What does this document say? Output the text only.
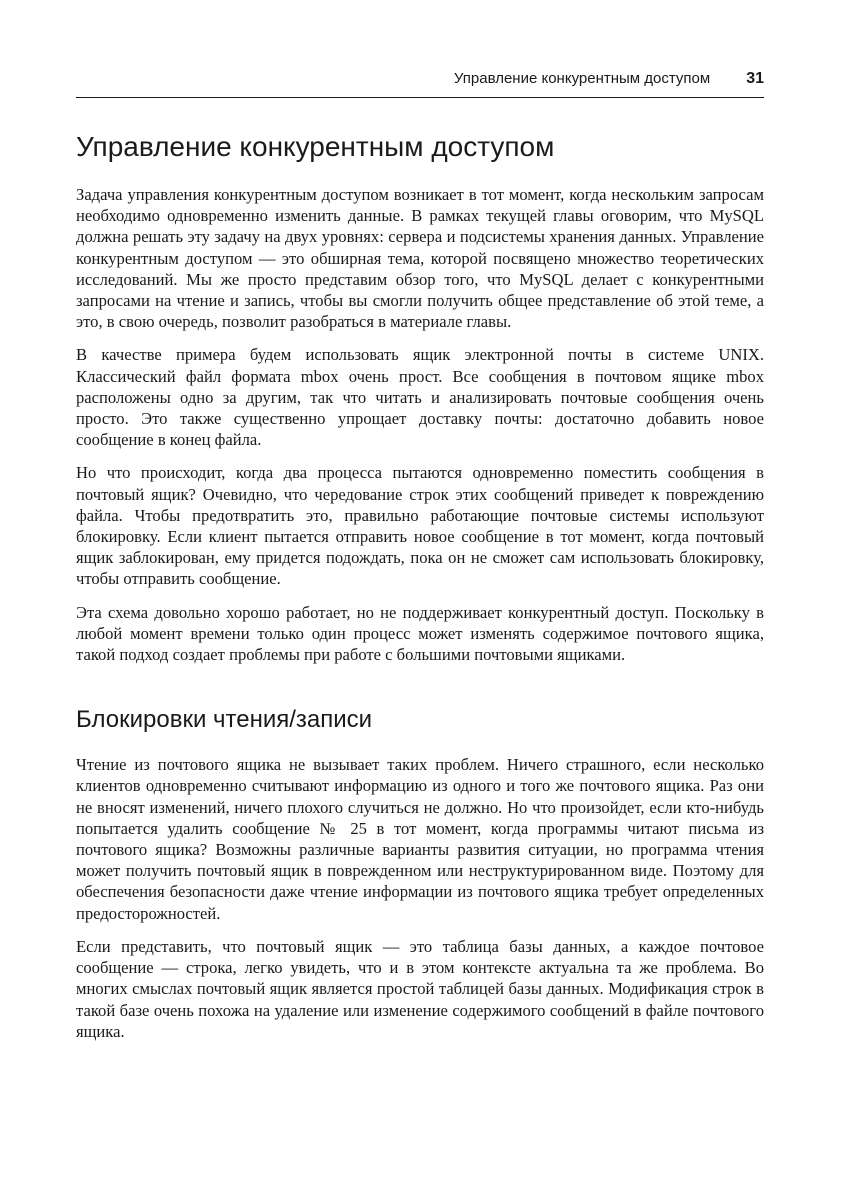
Управление конкурентным доступом 31
Управление конкурентным доступом

Задача управления конкурентным доступом возникает в тот момент, когда нескольким запросам необходимо одновременно изменить данные. В рамках текущей главы оговорим, что MySQL должна решать эту задачу на двух уровнях: сервера и подсистемы хранения данных. Управление конкурентным доступом — это обширная тема, которой посвящено множество теоретических исследований. Мы же просто представим обзор того, что MySQL делает с конкурентными запросами на чтение и запись, чтобы вы смогли получить общее представление об этой теме, а это, в свою очередь, позволит разобраться в материале главы.

В качестве примера будем использовать ящик электронной почты в системе UNIX. Классический файл формата mbox очень прост. Все сообщения в почтовом ящике mbox расположены одно за другим, так что читать и анализировать почтовые сообщения очень просто. Это также существенно упрощает доставку почты: достаточно добавить новое сообщение в конец файла.

Но что происходит, когда два процесса пытаются одновременно поместить сообщения в почтовый ящик? Очевидно, что чередование строк этих сообщений приведет к повреждению файла. Чтобы предотвратить это, правильно работающие почтовые системы используют блокировку. Если клиент пытается отправить новое сообщение в тот момент, когда почтовый ящик заблокирован, ему придется подождать, пока он не сможет сам использовать блокировку, чтобы отправить сообщение.

Эта схема довольно хорошо работает, но не поддерживает конкурентный доступ. Поскольку в любой момент времени только один процесс может изменять содержимое почтового ящика, такой подход создает проблемы при работе с большими почтовыми ящиками.

Блокировки чтения/записи

Чтение из почтового ящика не вызывает таких проблем. Ничего страшного, если несколько клиентов одновременно считывают информацию из одного и того же почтового ящика. Раз они не вносят изменений, ничего плохого случиться не должно. Но что произойдет, если кто-нибудь попытается удалить сообщение № 25 в тот момент, когда программы читают письма из почтового ящика? Возможны различные варианты развития ситуации, но программа чтения может получить почтовый ящик в поврежденном или неструктурированном виде. Поэтому для обеспечения безопасности даже чтение информации из почтового ящика требует определенных предосторожностей.

Если представить, что почтовый ящик — это таблица базы данных, а каждое почтовое сообщение — строка, легко увидеть, что и в этом контексте актуальна та же проблема. Во многих смыслах почтовый ящик является простой таблицей базы данных. Модификация строк в такой базе очень похожа на удаление или изменение содержимого сообщений в файле почтового ящика.
